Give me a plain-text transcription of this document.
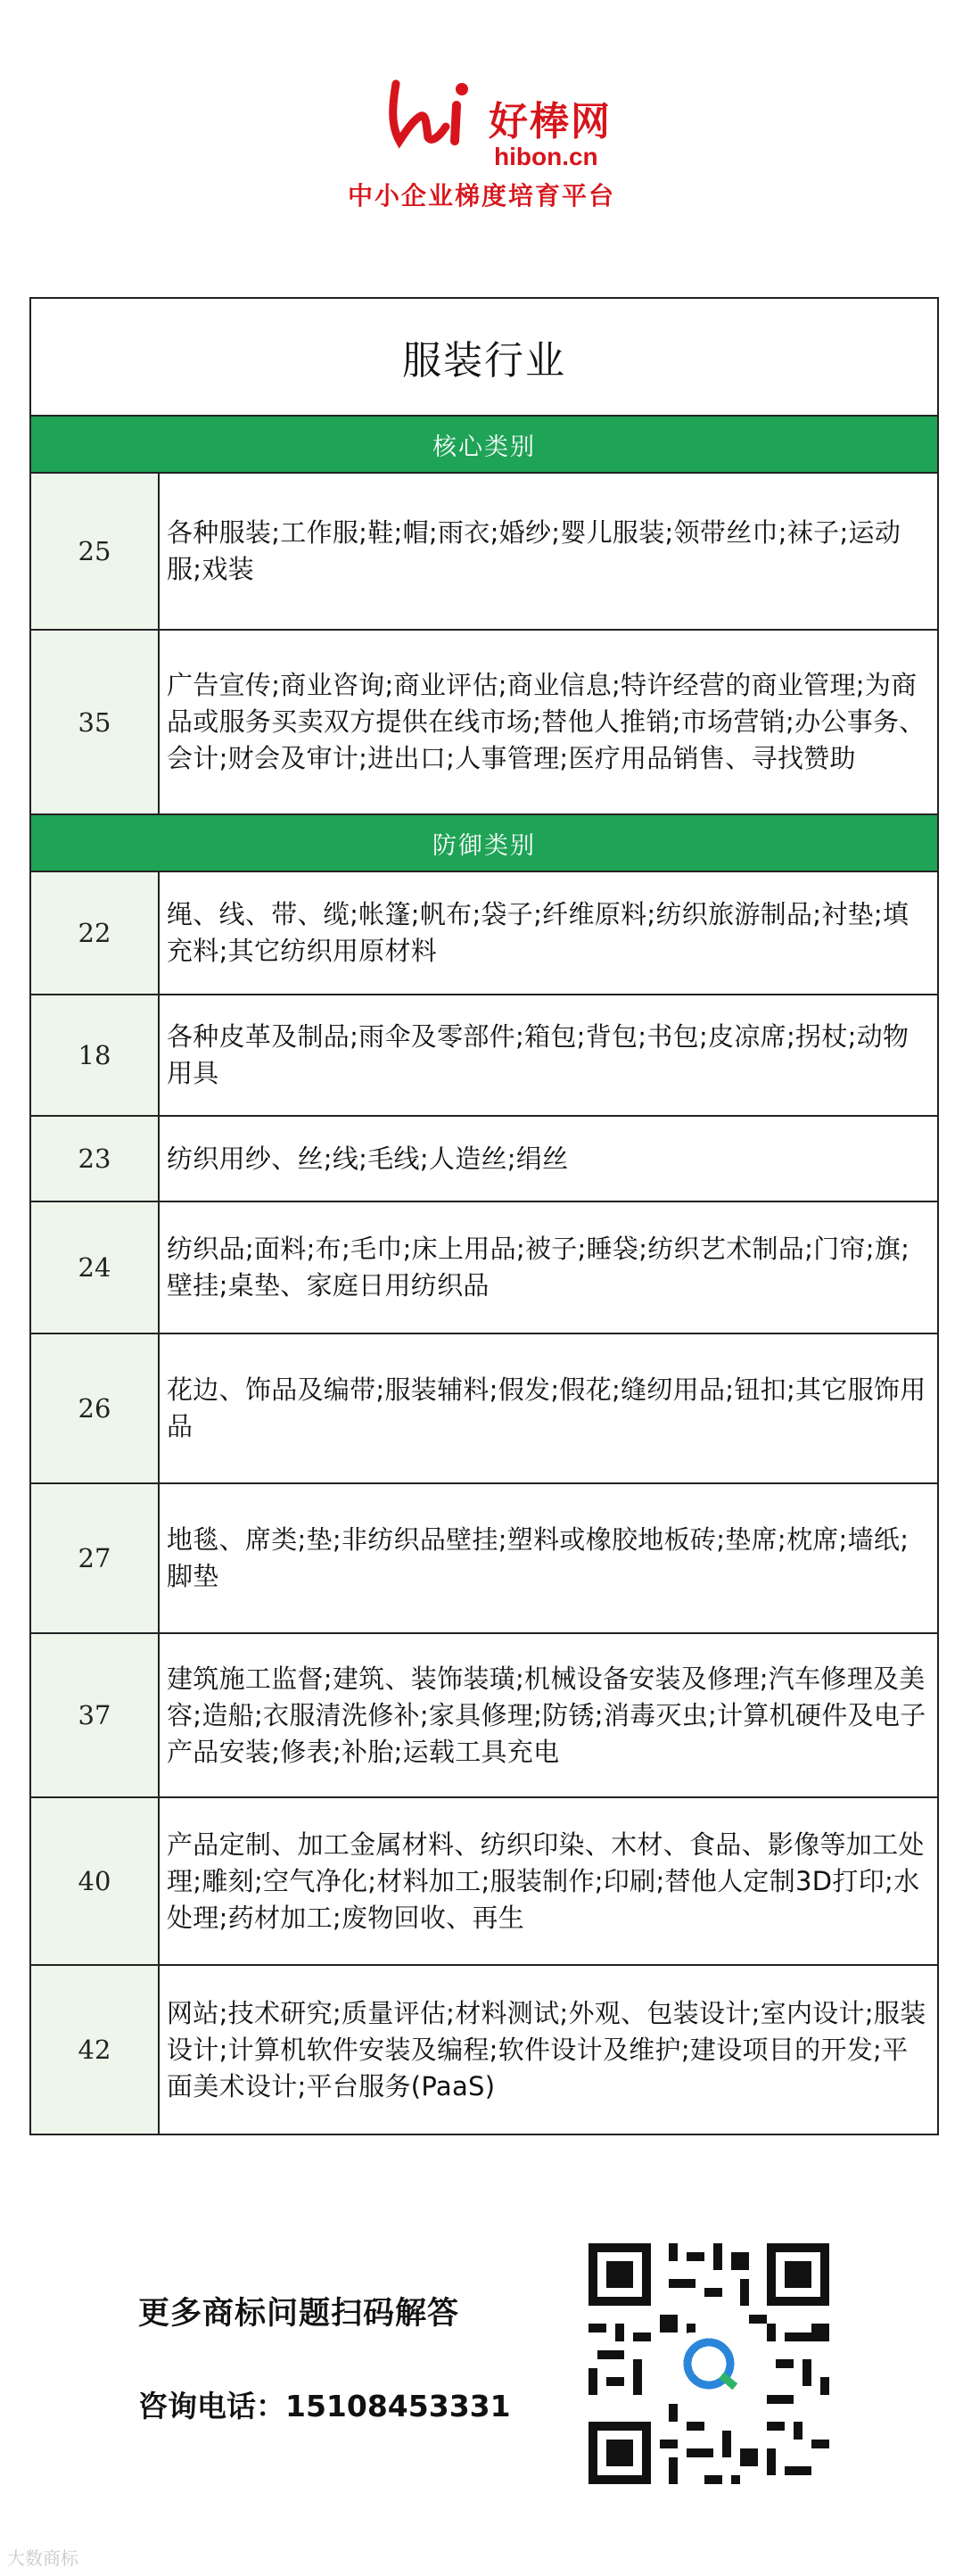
好棒网
hibon.cn
中小企业梯度培育平台
服装行业
核心类别
25
各种服装;工作服;鞋;帽;雨衣;婚纱;婴儿服装;领带丝巾;袜子;运动服;戏装
35
广告宣传;商业咨询;商业评估;商业信息;特许经营的商业管理;为商品或服务买卖双方提供在线市场;替他人推销;市场营销;办公事务、会计;财会及审计;进出口;人事管理;医疗用品销售、寻找赞助
防御类别
22
绳、线、带、缆;帐篷;帆布;袋子;纤维原料;纺织旅游制品;衬垫;填充料;其它纺织用原材料
18
各种皮革及制品;雨伞及零部件;箱包;背包;书包;皮凉席;拐杖;动物用具
23	纺织用纱、丝;线;毛线;人造丝;绢丝
24
纺织品;面料;布;毛巾;床上用品;被子;睡袋;纺织艺术制品;门帘;旗;壁挂;桌垫、家庭日用纺织品
26
花边、饰品及编带;服装辅料;假发;假花;缝纫用品;钮扣;其它服饰用品
27
地毯、席类;垫;非纺织品壁挂;塑料或橡胶地板砖;垫席;枕席;墙纸;脚垫
37
建筑施工监督;建筑、装饰装璜;机械设备安装及修理;汽车修理及美容;造船;衣服清洗修补;家具修理;防锈;消毒灭虫;计算机硬件及电子产品安装;修表;补胎;运载工具充电
40
产品定制、加工金属材料、纺织印染、木材、食品、影像等加工处理;雕刻;空气净化;材料加工;服装制作;印刷;替他人定制3D打印;水处理;药材加工;废物回收、再生
42
网站;技术研究;质量评估;材料测试;外观、包装设计;室内设计;服装设计;计算机软件安装及编程;软件设计及维护;建设项目的开发;平面美术设计;平台服务(PaaS)
更多商标问题扫码解答
咨询电话：15108453331
大数商标
